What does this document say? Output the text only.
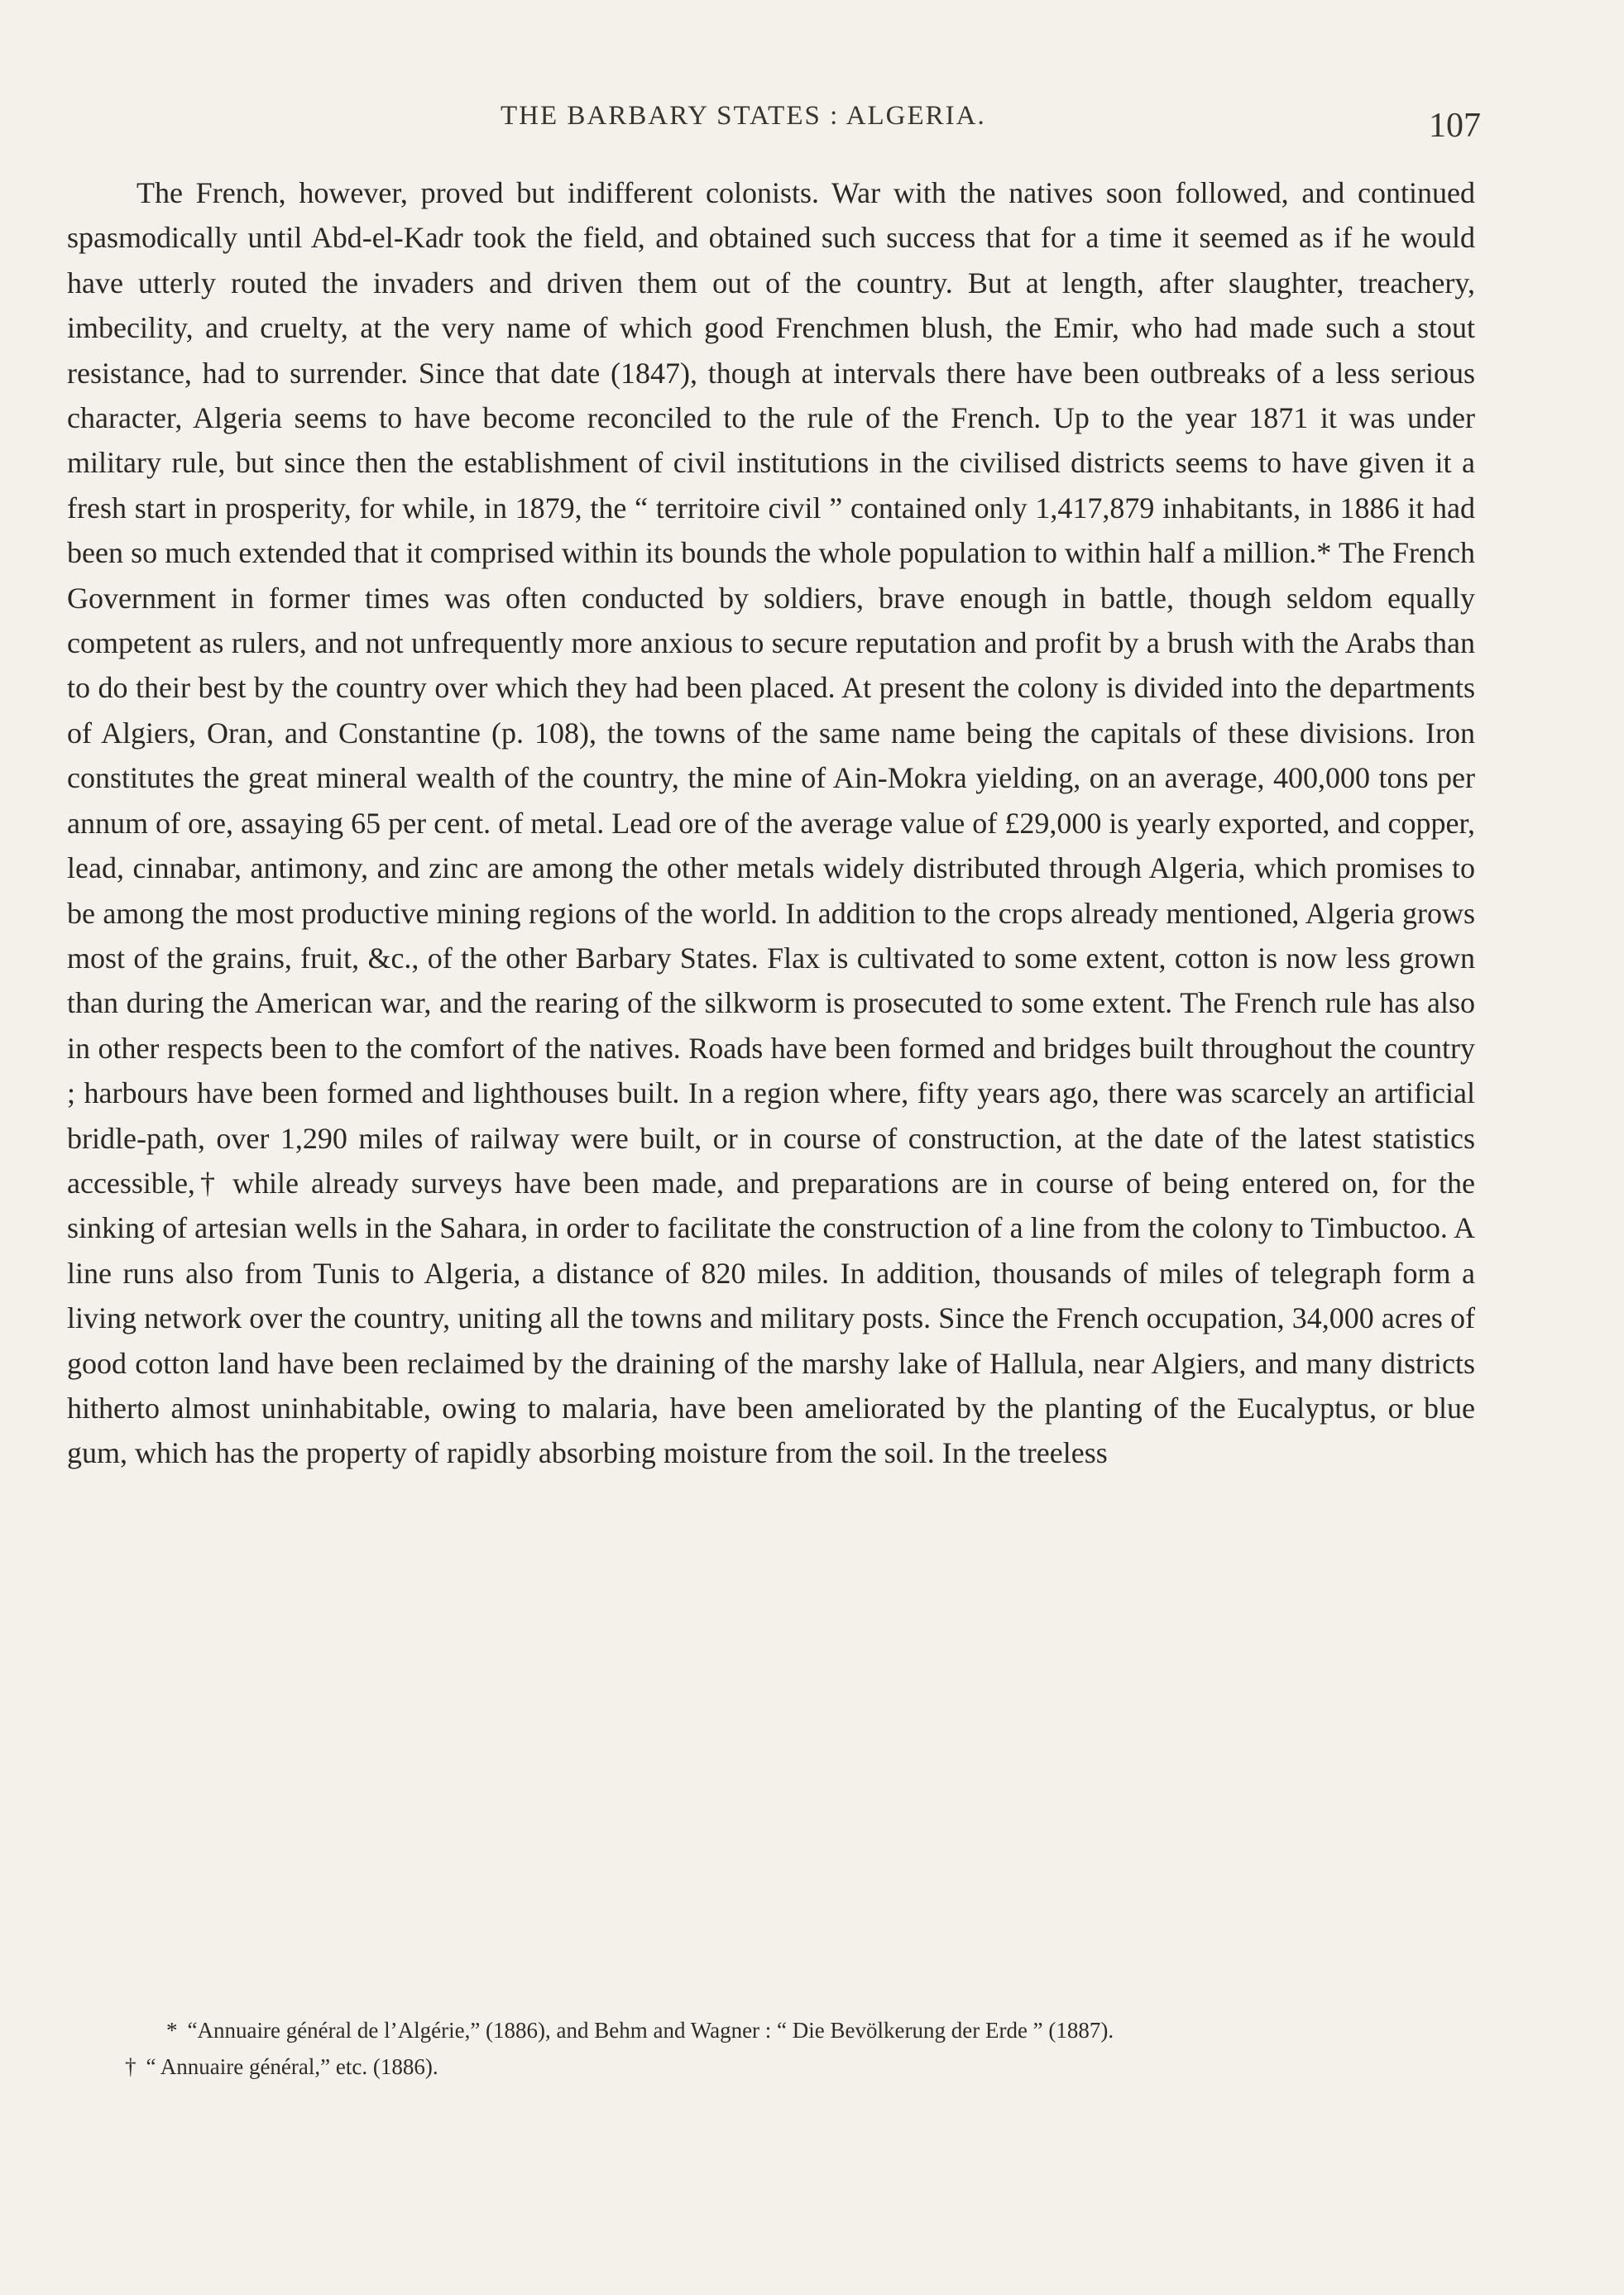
THE BARBARY STATES : ALGERIA.	107

The French, however, proved but indifferent colonists. War with the natives soon followed, and continued spasmodically until Abd-el-Kadr took the field, and obtained such success that for a time it seemed as if he would have utterly routed the invaders and driven them out of the country. But at length, after slaughter, treachery, imbecility, and cruelty, at the very name of which good Frenchmen blush, the Emir, who had made such a stout resistance, had to surrender. Since that date (1847), though at intervals there have been outbreaks of a less serious character, Algeria seems to have become reconciled to the rule of the French. Up to the year 1871 it was under military rule, but since then the establishment of civil institutions in the civilised districts seems to have given it a fresh start in prosperity, for while, in 1879, the “ territoire civil ” contained only 1,417,879 inhabitants, in 1886 it had been so much extended that it comprised within its bounds the whole population to within half a million.* The French Government in former times was often conducted by soldiers, brave enough in battle, though seldom equally competent as rulers, and not unfrequently more anxious to secure reputation and profit by a brush with the Arabs than to do their best by the country over which they had been placed. At present the colony is divided into the departments of Algiers, Oran, and Constantine (p. 108), the towns of the same name being the capitals of these divisions. Iron constitutes the great mineral wealth of the country, the mine of Ain-Mokra yielding, on an average, 400,000 tons per annum of ore, assaying 65 per cent. of metal. Lead ore of the average value of £29,000 is yearly exported, and copper, lead, cinnabar, antimony, and zinc are among the other metals widely distributed through Algeria, which promises to be among the most productive mining regions of the world. In addition to the crops already mentioned, Algeria grows most of the grains, fruit, &c., of the other Barbary States. Flax is cultivated to some extent, cotton is now less grown than during the American war, and the rearing of the silkworm is prosecuted to some extent. The French rule has also in other respects been to the comfort of the natives. Roads have been formed and bridges built throughout the country ; harbours have been formed and lighthouses built. In a region where, fifty years ago, there was scarcely an artificial bridle-path, over 1,290 miles of railway were built, or in course of construction, at the date of the latest statistics accessible,† while already surveys have been made, and preparations are in course of being entered on, for the sinking of artesian wells in the Sahara, in order to facilitate the construction of a line from the colony to Timbuctoo. A line runs also from Tunis to Algeria, a distance of 820 miles. In addition, thousands of miles of telegraph form a living network over the country, uniting all the towns and military posts. Since the French occupation, 34,000 acres of good cotton land have been reclaimed by the draining of the marshy lake of Hallula, near Algiers, and many districts hitherto almost uninhabitable, owing to malaria, have been ameliorated by the planting of the Eucalyptus, or blue gum, which has the property of rapidly absorbing moisture from the soil. In the treeless

* “Annuaire général de l’Algérie,” (1886), and Behm and Wagner : “ Die Bevölkerung der Erde ” (1887).

† “ Annuaire général,” etc. (1886).
